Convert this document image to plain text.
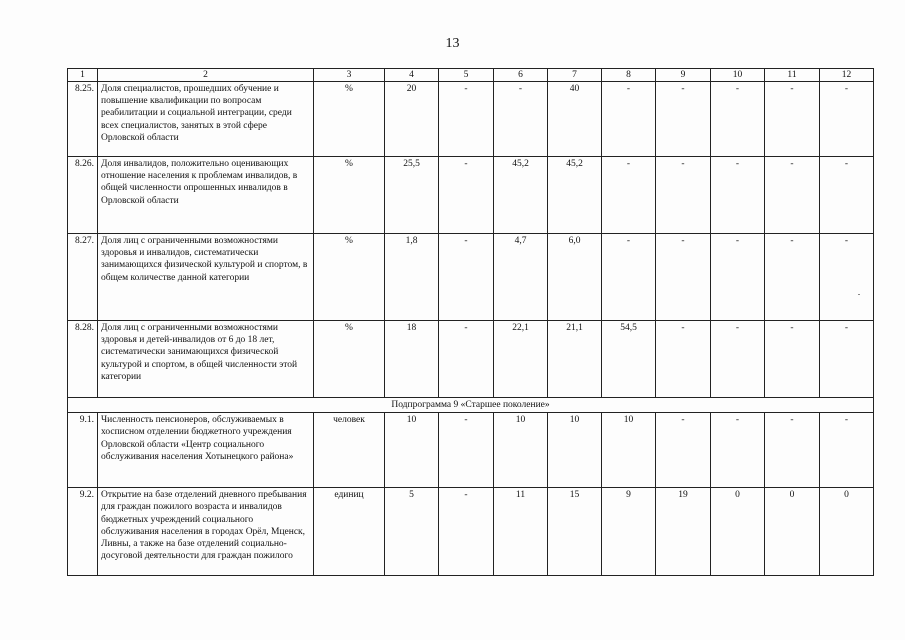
13
1	2	3	4	5	6	7	8	9	10	11	12
8.25.	Доля специалистов, прошедших обучение и повышение квалификации по вопросам реабилитации и социальной интеграции, среди всех специалистов, занятых в этой сфере Орловской области	%	20	-	-	40	-	-	-	-	-
8.26.	Доля инвалидов, положительно оценивающих отношение населения к проблемам инвалидов, в общей численности опрошенных инвалидов в Орловской области	%	25,5	-	45,2	45,2	-	-	-	-	-
8.27.	Доля лиц с ограниченными возможностями здоровья и инвалидов, систематически занимающихся физической культурой и спортом, в общем количестве данной категории	%	1,8	-	4,7	6,0	-	-	-	-	-
8.28.	Доля лиц с ограниченными возможностями здоровья и детей-инвалидов от 6 до 18 лет, систематически занимающихся физической культурой и спортом, в общей численности этой категории	%	18	-	22,1	21,1	54,5	-	-	-	-
Подпрограмма 9 «Старшее поколение»											
9.1.	Численность пенсионеров, обслуживаемых в хосписном отделении бюджетного учреждения Орловской области «Центр социального обслуживания населения Хотынецкого района»	человек	10	-	10	10	10	-	-	-	-
9.2.	Открытие на базе отделений дневного пребывания для граждан пожилого возраста и инвалидов бюджетных учреждений социального обслуживания населения в городах Орёл, Мценск, Ливны, а также на базе отделений социально-досуговой деятельности для граждан пожилого	единиц	5	-	11	15	9	19	0	0	0
